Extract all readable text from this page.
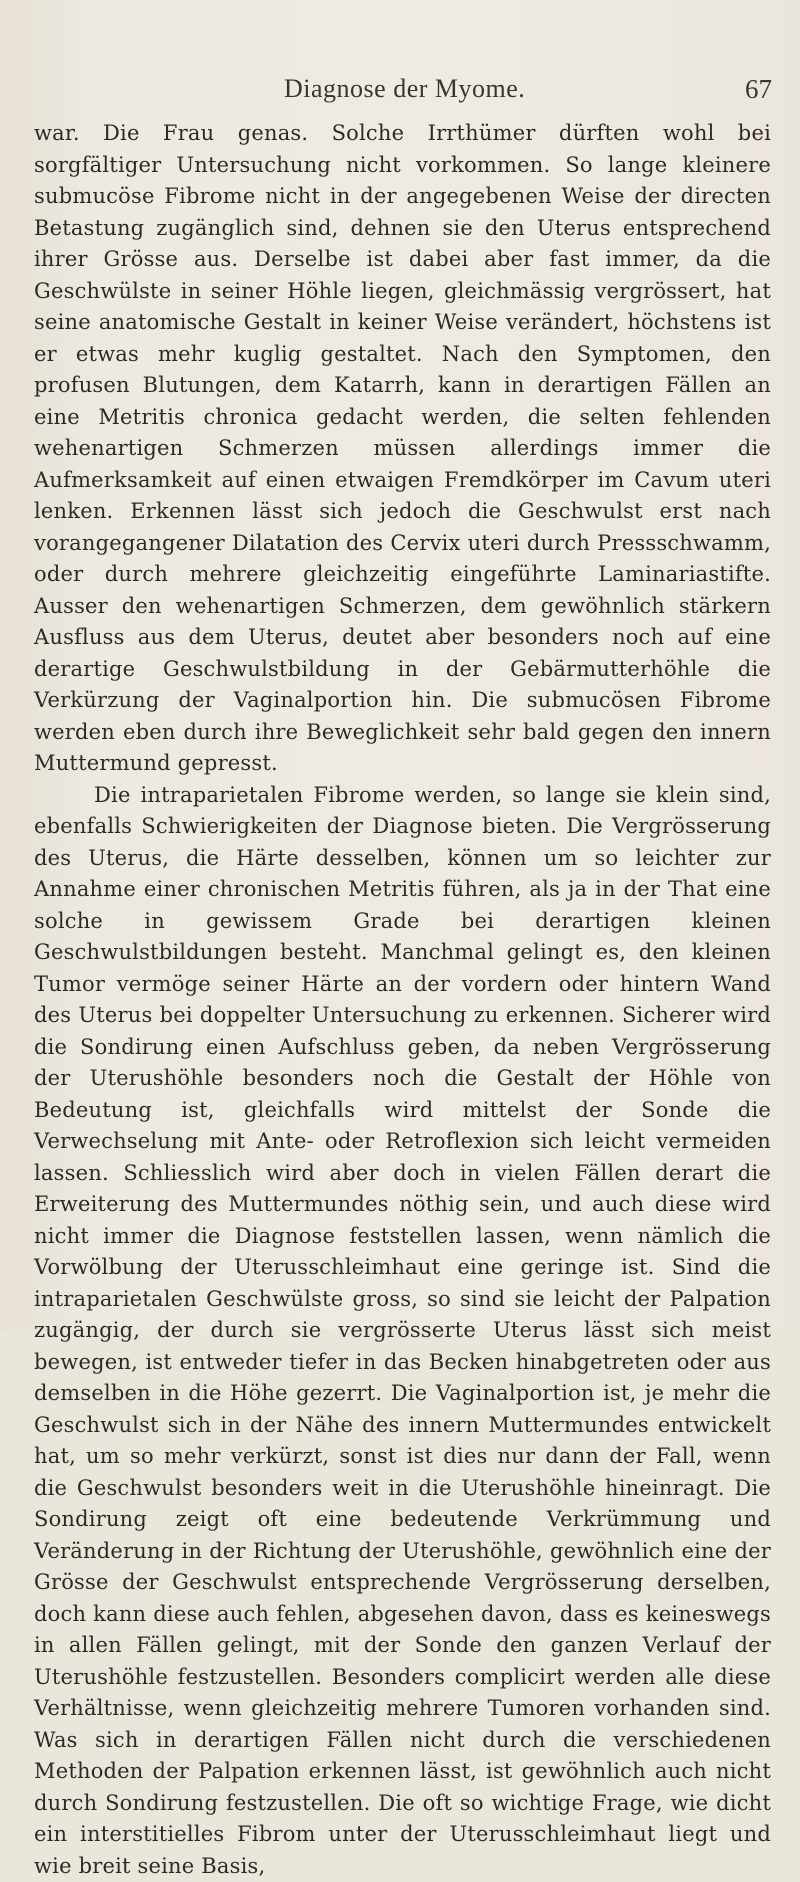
Diagnose der Myome.	67

war. Die Frau genas. Solche Irrthümer dürften wohl bei sorgfältiger Untersuchung nicht vorkommen. So lange kleinere submucöse Fibrome nicht in der angegebenen Weise der directen Betastung zugänglich sind, dehnen sie den Uterus entsprechend ihrer Grösse aus. Derselbe ist dabei aber fast immer, da die Geschwülste in seiner Höhle liegen, gleichmässig vergrössert, hat seine anatomische Gestalt in keiner Weise verändert, höchstens ist er etwas mehr kuglig gestaltet. Nach den Symptomen, den profusen Blutungen, dem Katarrh, kann in derartigen Fällen an eine Metritis chronica gedacht werden, die selten fehlenden wehenartigen Schmerzen müssen allerdings immer die Aufmerksamkeit auf einen etwaigen Fremdkörper im Cavum uteri lenken. Erkennen lässt sich jedoch die Geschwulst erst nach vorangegangener Dilatation des Cervix uteri durch Pressschwamm, oder durch mehrere gleichzeitig eingeführte Laminariastifte. Ausser den wehenartigen Schmerzen, dem gewöhnlich stärkern Ausfluss aus dem Uterus, deutet aber besonders noch auf eine derartige Geschwulstbildung in der Gebärmutterhöhle die Verkürzung der Vaginalportion hin. Die submucösen Fibrome werden eben durch ihre Beweglichkeit sehr bald gegen den innern Muttermund gepresst.

Die intraparietalen Fibrome werden, so lange sie klein sind, ebenfalls Schwierigkeiten der Diagnose bieten. Die Vergrösserung des Uterus, die Härte desselben, können um so leichter zur Annahme einer chronischen Metritis führen, als ja in der That eine solche in gewissem Grade bei derartigen kleinen Geschwulstbildungen besteht. Manchmal gelingt es, den kleinen Tumor vermöge seiner Härte an der vordern oder hintern Wand des Uterus bei doppelter Untersuchung zu erkennen. Sicherer wird die Sondirung einen Aufschluss geben, da neben Vergrösserung der Uterushöhle besonders noch die Gestalt der Höhle von Bedeutung ist, gleichfalls wird mittelst der Sonde die Verwechselung mit Ante- oder Retroflexion sich leicht vermeiden lassen. Schliesslich wird aber doch in vielen Fällen derart die Erweiterung des Muttermundes nöthig sein, und auch diese wird nicht immer die Diagnose feststellen lassen, wenn nämlich die Vorwölbung der Uterusschleimhaut eine geringe ist. Sind die intraparietalen Geschwülste gross, so sind sie leicht der Palpation zugängig, der durch sie vergrösserte Uterus lässt sich meist bewegen, ist entweder tiefer in das Becken hinabgetreten oder aus demselben in die Höhe gezerrt. Die Vaginalportion ist, je mehr die Geschwulst sich in der Nähe des innern Muttermundes entwickelt hat, um so mehr verkürzt, sonst ist dies nur dann der Fall, wenn die Geschwulst besonders weit in die Uterushöhle hineinragt. Die Sondirung zeigt oft eine bedeutende Verkrümmung und Veränderung in der Richtung der Uterushöhle, gewöhnlich eine der Grösse der Geschwulst entsprechende Vergrösserung derselben, doch kann diese auch fehlen, abgesehen davon, dass es keineswegs in allen Fällen gelingt, mit der Sonde den ganzen Verlauf der Uterushöhle festzustellen. Besonders complicirt werden alle diese Verhältnisse, wenn gleichzeitig mehrere Tumoren vorhanden sind. Was sich in derartigen Fällen nicht durch die verschiedenen Methoden der Palpation erkennen lässt, ist gewöhnlich auch nicht durch Sondirung festzustellen. Die oft so wichtige Frage, wie dicht ein interstitielles Fibrom unter der Uterusschleimhaut liegt und wie breit seine Basis,
